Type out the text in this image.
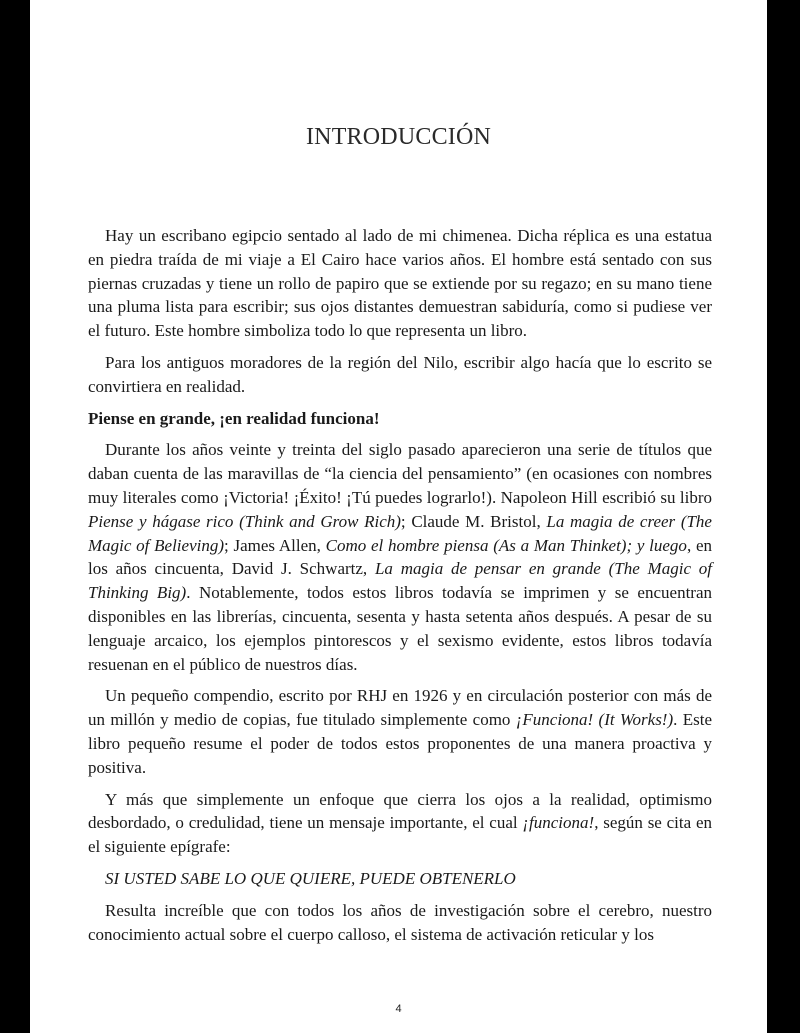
INTRODUCCIÓN

Hay un escribano egipcio sentado al lado de mi chimenea. Dicha réplica es una estatua en piedra traída de mi viaje a El Cairo hace varios años. El hombre está sentado con sus piernas cruzadas y tiene un rollo de papiro que se extiende por su regazo; en su mano tiene una pluma lista para escribir; sus ojos distantes demuestran sabiduría, como si pudiese ver el futuro. Este hombre simboliza todo lo que representa un libro.

Para los antiguos moradores de la región del Nilo, escribir algo hacía que lo escrito se convirtiera en realidad.

Piense en grande, ¡en realidad funciona!

Durante los años veinte y treinta del siglo pasado aparecieron una serie de títulos que daban cuenta de las maravillas de “la ciencia del pensamiento” (en ocasiones con nombres muy literales como ¡Victoria! ¡Éxito! ¡Tú puedes lograrlo!). Napoleon Hill escribió su libro Piense y hágase rico (Think and Grow Rich); Claude M. Bristol, La magia de creer (The Magic of Believing); James Allen, Como el hombre piensa (As a Man Thinket); y luego, en los años cincuenta, David J. Schwartz, La magia de pensar en grande (The Magic of Thinking Big). Notablemente, todos estos libros todavía se imprimen y se encuentran disponibles en las librerías, cincuenta, sesenta y hasta setenta años después. A pesar de su lenguaje arcaico, los ejemplos pintorescos y el sexismo evidente, estos libros todavía resuenan en el público de nuestros días.

Un pequeño compendio, escrito por RHJ en 1926 y en circulación posterior con más de un millón y medio de copias, fue titulado simplemente como ¡Funciona! (It Works!). Este libro pequeño resume el poder de todos estos proponentes de una manera proactiva y positiva.

Y más que simplemente un enfoque que cierra los ojos a la realidad, optimismo desbordado, o credulidad, tiene un mensaje importante, el cual ¡funciona!, según se cita en el siguiente epígrafe:

SI USTED SABE LO QUE QUIERE, PUEDE OBTENERLO

Resulta increíble que con todos los años de investigación sobre el cerebro, nuestro conocimiento actual sobre el cuerpo calloso, el sistema de activación reticular y los

4
